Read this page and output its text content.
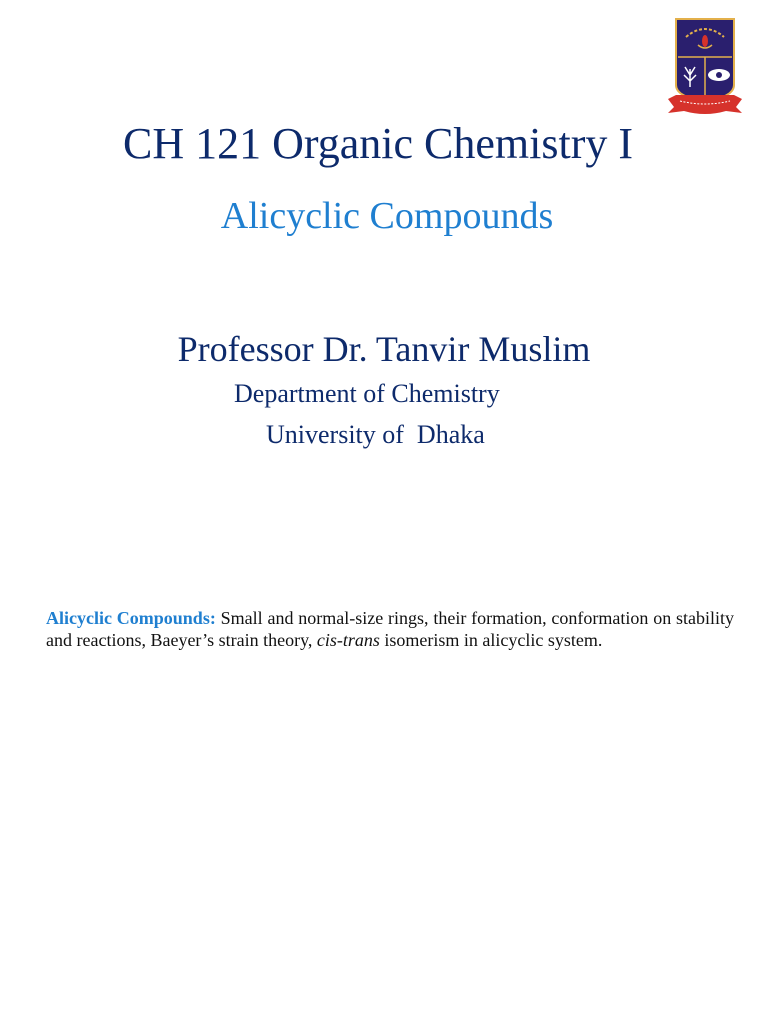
CH 121 Organic Chemistry I
Alicyclic Compounds
Professor Dr. Tanvir Muslim
Department of Chemistry
University of  Dhaka
Alicyclic Compounds: Small and normal-size rings, their formation, conformation on stability and reactions, Baeyer’s strain theory, cis-trans isomerism in alicyclic system.
